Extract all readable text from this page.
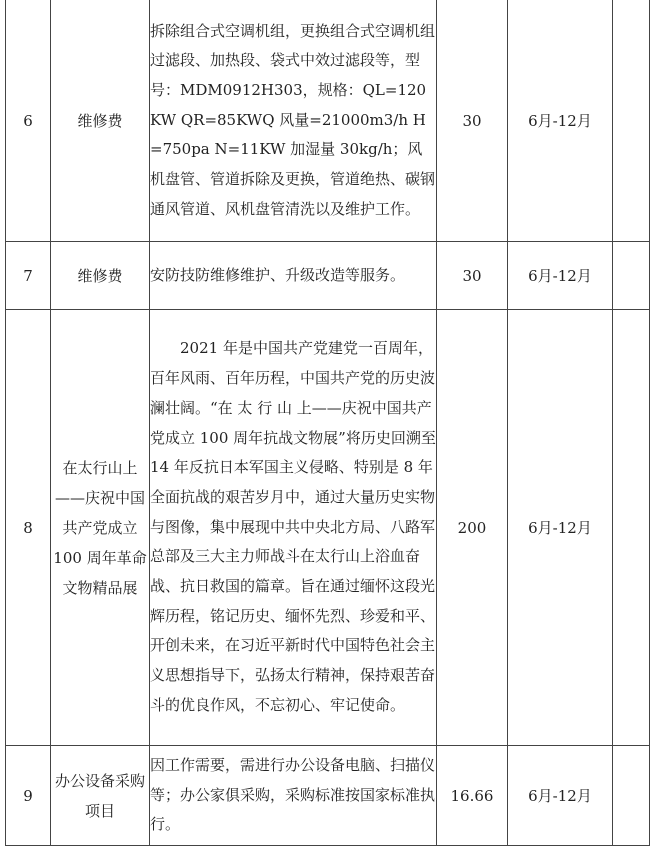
6	维修费	拆除组合式空调机组，更换组合式空调机组过滤段、加热段、袋式中效过滤段等，型号：MDM0912H303，规格：QL=120KW QR=85KWQ 风量=21000m3/h H=750pa N=11KW 加湿量 30kg/h；风机盘管、管道拆除及更换，管道绝热、碳钢通风管道、风机盘管清洗以及维护工作。	30	6月-12月	
7	维修费	安防技防维修维护、升级改造等服务。	30	6月-12月	
8	在太行山上——庆祝中国共产党成立 100 周年革命文物精品展	2021 年是中国共产党建党一百周年，百年风雨、百年历程，中国共产党的历史波澜壮阔。“在 太 行 山 上——庆祝中国共产党成立 100 周年抗战文物展”将历史回溯至 14 年反抗日本军国主义侵略、特别是 8 年全面抗战的艰苦岁月中，通过大量历史实物与图像，集中展现中共中央北方局、八路军总部及三大主力师战斗在太行山上浴血奋战、抗日救国的篇章。旨在通过缅怀这段光辉历程，铭记历史、缅怀先烈、珍爱和平、开创未来，在习近平新时代中国特色社会主义思想指导下，弘扬太行精神，保持艰苦奋斗的优良作风，不忘初心、牢记使命。	200	6月-12月	
9	办公设备采购项目	因工作需要，需进行办公设备电脑、扫描仪等；办公家俱采购，采购标准按国家标准执行。	16.66	6月-12月	
